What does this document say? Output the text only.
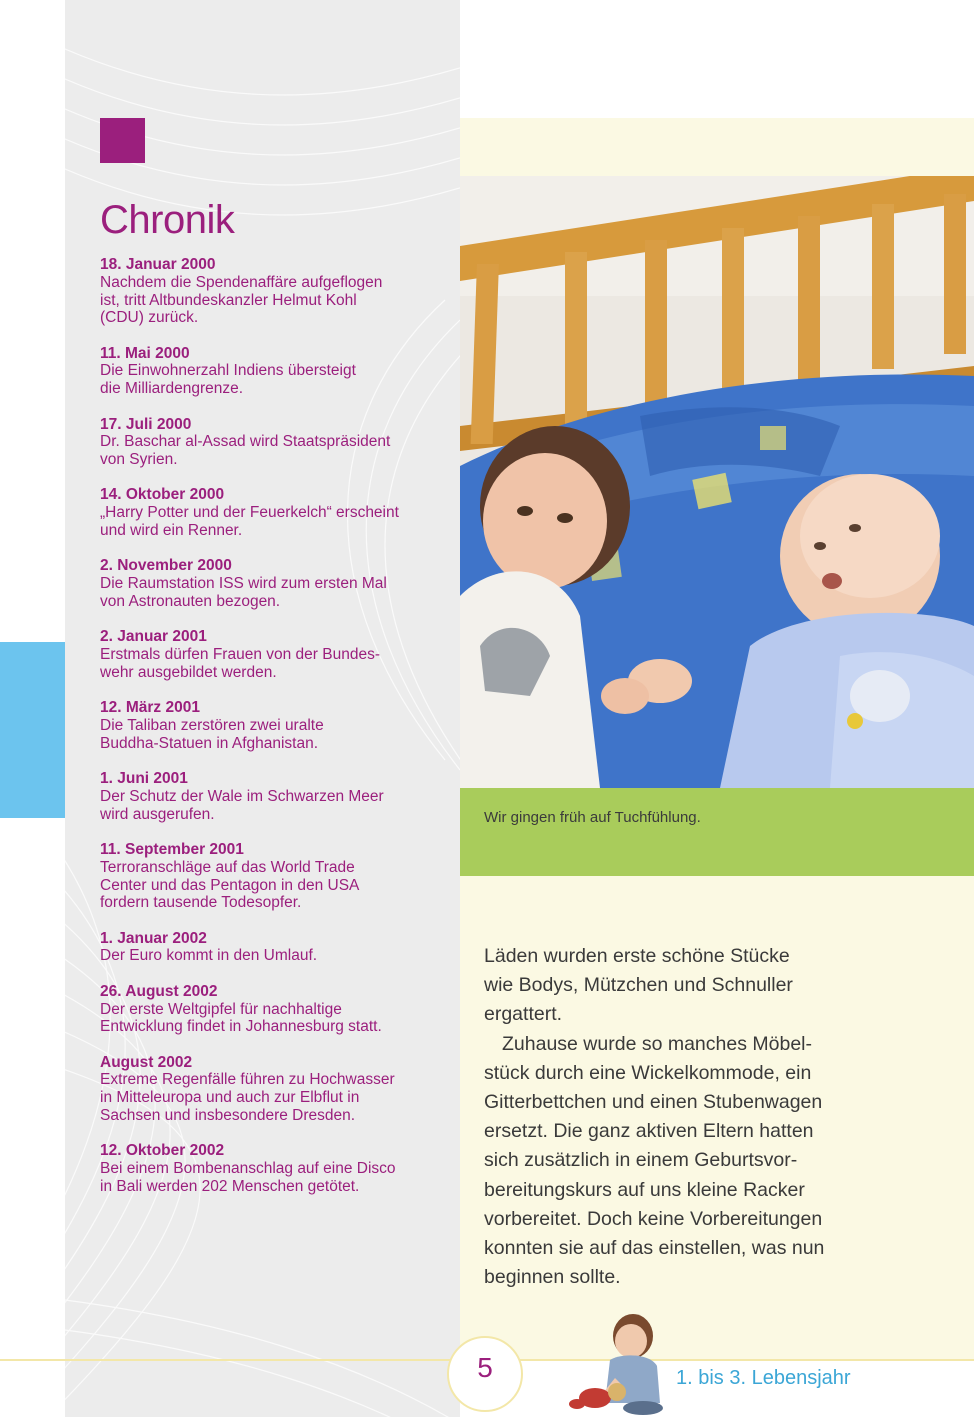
Chronik
18. Januar 2000
Nachdem die Spendenaffäre aufgeflogen
ist, tritt Altbundeskanzler Helmut Kohl
(CDU) zurück.
11. Mai 2000
Die Einwohnerzahl Indiens übersteigt
die Milliardengrenze.
17. Juli 2000
Dr. Baschar al-Assad wird Staatspräsident
von Syrien.
14. Oktober 2000
„Harry Potter und der Feuerkelch“ erscheint
und wird ein Renner.
2. November 2000
Die Raumstation ISS wird zum ersten Mal
von Astronauten bezogen.
2. Januar 2001
Erstmals dürfen Frauen von der Bundes-
wehr ausgebildet werden.
12. März 2001
Die Taliban zerstören zwei uralte
Buddha-Statuen in Afghanistan.
1. Juni 2001
Der Schutz der Wale im Schwarzen Meer
wird ausgerufen.
11. September 2001
Terroranschläge auf das World Trade
Center und das Pentagon in den USA
fordern tausende Todesopfer.
1. Januar 2002
Der Euro kommt in den Umlauf.
26. August 2002
Der erste Weltgipfel für nachhaltige
Entwicklung findet in Johannesburg statt.
August 2002
Extreme Regenfälle führen zu Hochwasser
in Mitteleuropa und auch zur Elbflut in
Sachsen und insbesondere Dresden.
12. Oktober 2002
Bei einem Bombenanschlag auf eine Disco
in Bali werden 202 Menschen getötet.
Wir gingen früh auf Tuchfühlung.

Läden wurden erste schöne Stücke
wie Bodys, Mützchen und Schnuller
ergattert.

Zuhause wurde so manches Möbel-
stück durch eine Wickelkommode, ein
Gitterbettchen und einen Stubenwagen
ersetzt. Die ganz aktiven Eltern hatten
sich zusätzlich in einem Geburtsvor-
bereitungskurs auf uns kleine Racker
vorbereitet. Doch keine Vorbereitungen
konnten sie auf das einstellen, was nun
beginnen sollte.

5	1. bis 3. Lebensjahr
